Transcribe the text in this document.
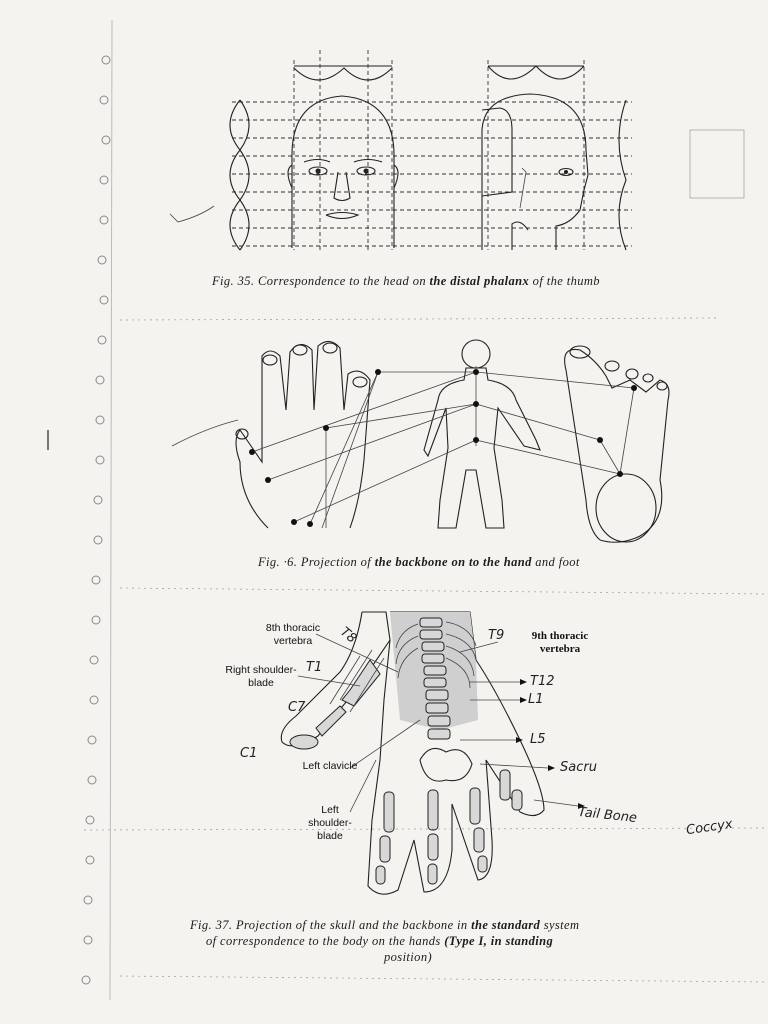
Fig. 35. Correspondence to the head on the distal phalanx of the thumb
Fig. ·6. Projection of the backbone on to the hand and foot
8th thoracic vertebra	9th thoracic vertebra
Right shoulder-blade
Left clavicle
Left shoulder- blade
T8
T1
C7
C1
T9
T12
L1
L5
Sacru
Tail Bone
Coccyx
Fig. 37. Projection of the skull and the backbone in the standard system
of correspondence to the body on the hands (Type I, in standing
position)
